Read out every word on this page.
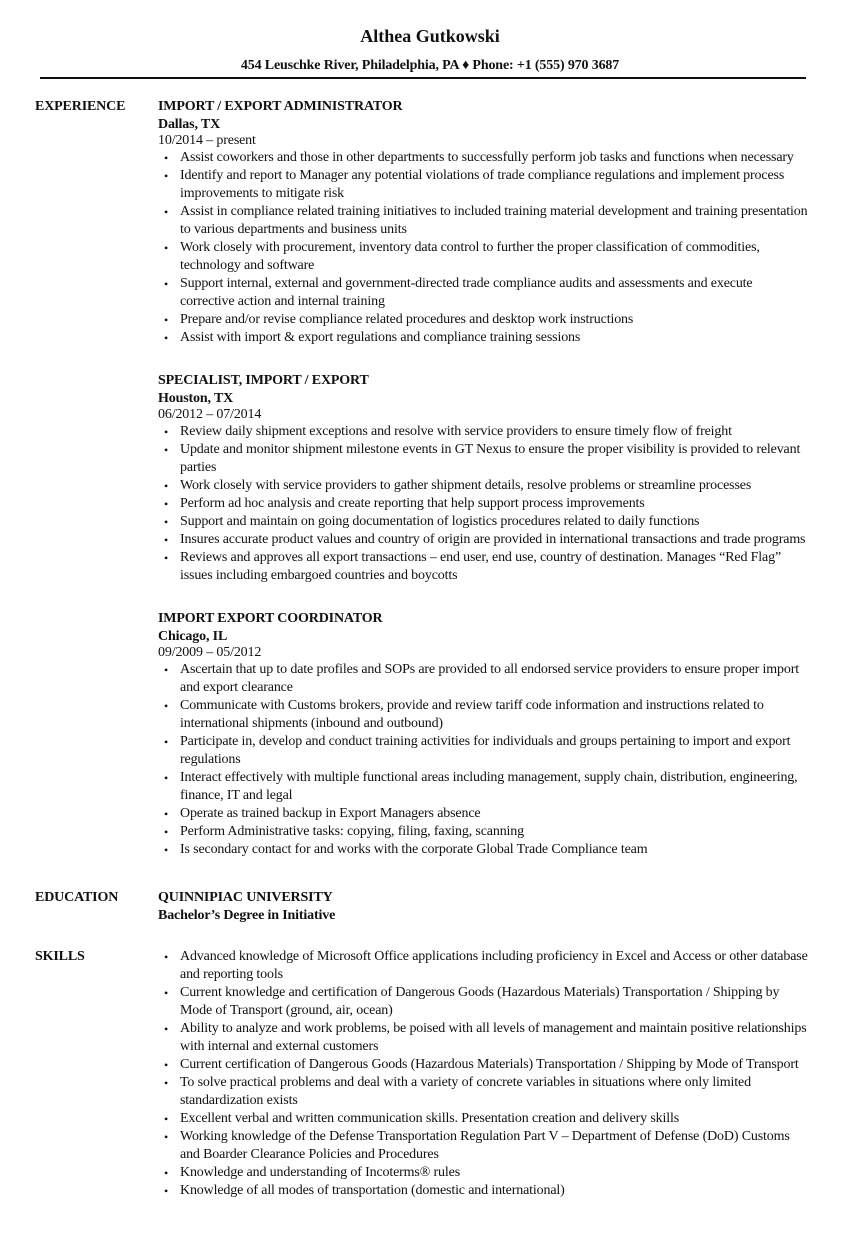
Althea Gutkowski
454 Leuschke River, Philadelphia, PA ♦ Phone: +1 (555) 970 3687
EXPERIENCE IMPORT / EXPORT ADMINISTRATOR
Dallas, TX
10/2014 – present
• Assist coworkers and those in other departments to successfully perform job tasks and functions when necessary
• Identify and report to Manager any potential violations of trade compliance regulations and implement process improvements to mitigate risk
• Assist in compliance related training initiatives to included training material development and training presentation to various departments and business units
• Work closely with procurement, inventory data control to further the proper classification of commodities, technology and software
• Support internal, external and government-directed trade compliance audits and assessments and execute corrective action and internal training
• Prepare and/or revise compliance related procedures and desktop work instructions
• Assist with import & export regulations and compliance training sessions
SPECIALIST, IMPORT / EXPORT
Houston, TX
06/2012 – 07/2014
• Review daily shipment exceptions and resolve with service providers to ensure timely flow of freight
• Update and monitor shipment milestone events in GT Nexus to ensure the proper visibility is provided to relevant parties
• Work closely with service providers to gather shipment details, resolve problems or streamline processes
• Perform ad hoc analysis and create reporting that help support process improvements
• Support and maintain on going documentation of logistics procedures related to daily functions
• Insures accurate product values and country of origin are provided in international transactions and trade programs
• Reviews and approves all export transactions – end user, end use, country of destination. Manages “Red Flag” issues including embargoed countries and boycotts
IMPORT EXPORT COORDINATOR
Chicago, IL
09/2009 – 05/2012
• Ascertain that up to date profiles and SOPs are provided to all endorsed service providers to ensure proper import and export clearance
• Communicate with Customs brokers, provide and review tariff code information and instructions related to international shipments (inbound and outbound)
• Participate in, develop and conduct training activities for individuals and groups pertaining to import and export regulations
• Interact effectively with multiple functional areas including management, supply chain, distribution, engineering, finance, IT and legal
• Operate as trained backup in Export Managers absence
• Perform Administrative tasks: copying, filing, faxing, scanning
• Is secondary contact for and works with the corporate Global Trade Compliance team
EDUCATION	QUINNIPIAC UNIVERSITY
Bachelor’s Degree in Initiative
SKILLS	• Advanced knowledge of Microsoft Office applications including proficiency in Excel and Access or other database and reporting tools
• Current knowledge and certification of Dangerous Goods (Hazardous Materials) Transportation / Shipping by Mode of Transport (ground, air, ocean)
• Ability to analyze and work problems, be poised with all levels of management and maintain positive relationships with internal and external customers
• Current certification of Dangerous Goods (Hazardous Materials) Transportation / Shipping by Mode of Transport
• To solve practical problems and deal with a variety of concrete variables in situations where only limited standardization exists
• Excellent verbal and written communication skills. Presentation creation and delivery skills
• Working knowledge of the Defense Transportation Regulation Part V – Department of Defense (DoD) Customs and Boarder Clearance Policies and Procedures
• Knowledge and understanding of Incoterms® rules
• Knowledge of all modes of transportation (domestic and international)
